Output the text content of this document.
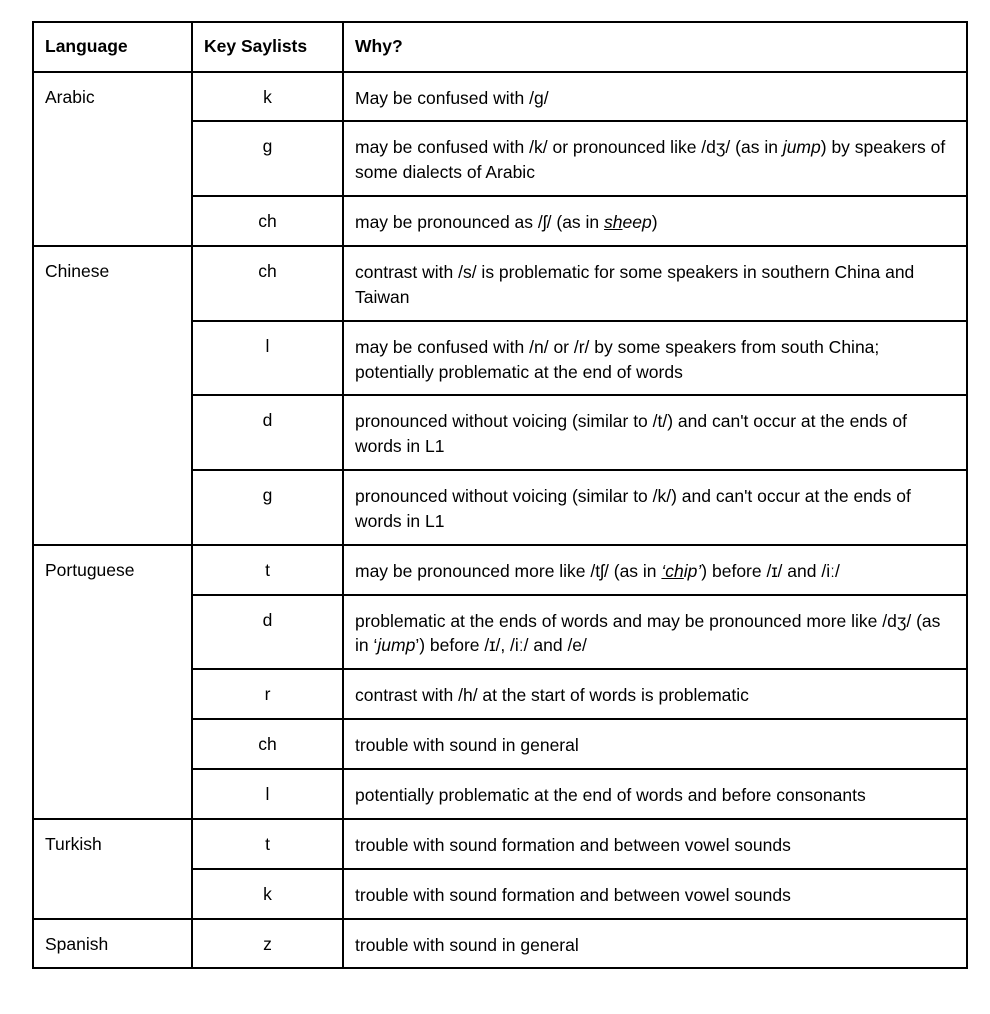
Language	Key Saylists	Why?
Arabic	k	May be confused with /g/
	g	may be confused with /k/ or pronounced like /dʒ/ (as in jump) by speakers of some dialects of Arabic
	ch	may be pronounced as /ʃ/ (as in sheep)
Chinese	ch	contrast with /s/ is problematic for some speakers in southern China and Taiwan
	l	may be confused with /n/ or /r/ by some speakers from south China; potentially problematic at the end of words
	d	pronounced without voicing (similar to /t/) and can't occur at the ends of words in L1
	g	pronounced without voicing (similar to /k/) and can't occur at the ends of words in L1
Portuguese	t	may be pronounced more like /tʃ/ (as in ‘chip’) before /ɪ/ and /iː/
	d	problematic at the ends of words and may be pronounced more like /dʒ/ (as in ‘jump’) before /ɪ/, /iː/ and /e/
	r	contrast with /h/ at the start of words is problematic
	ch	trouble with sound in general
	l	potentially problematic at the end of words and before consonants
Turkish	t	trouble with sound formation and between vowel sounds
	k	trouble with sound formation and between vowel sounds
Spanish	z	trouble with sound in general
